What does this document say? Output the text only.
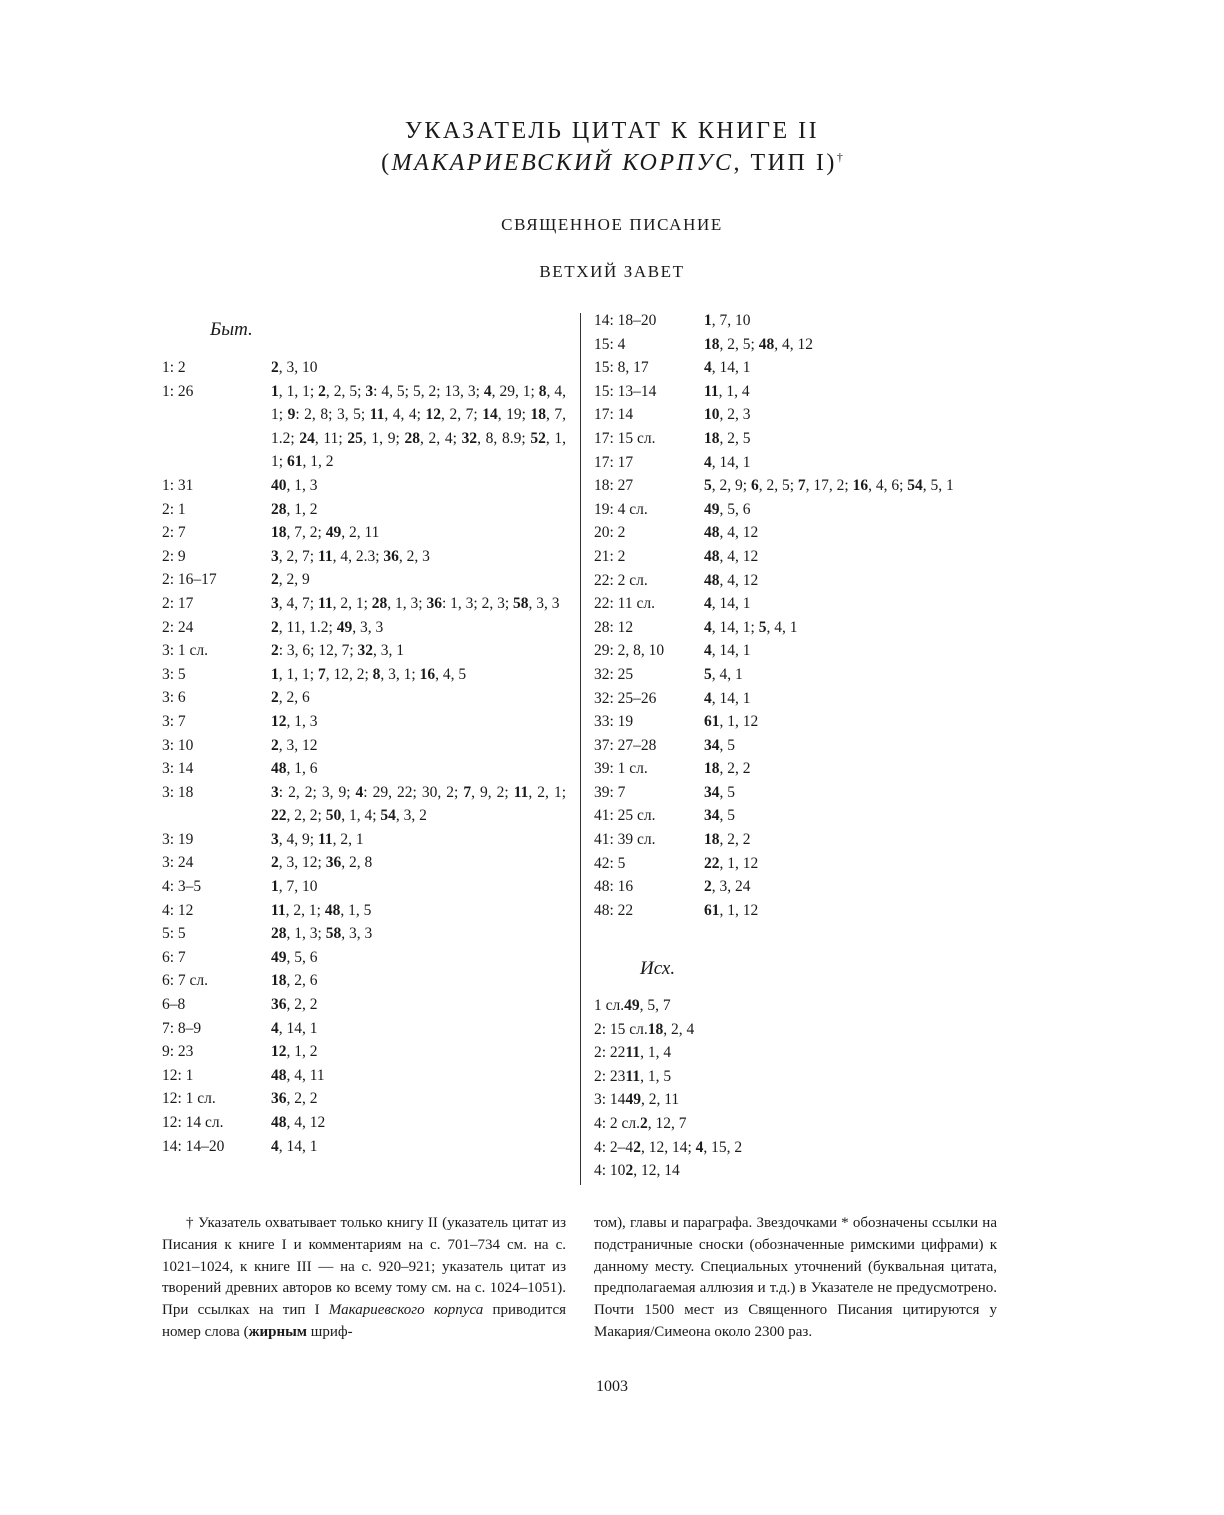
УКАЗАТЕЛЬ ЦИТАТ К КНИГЕ II
(МАКАРИЕВСКИЙ КОРПУС, ТИП I)†
СВЯЩЕННОЕ ПИСАНИЕ
ВЕТХИЙ ЗАВЕТ
Быт.
1: 2	2, 3, 10
1: 26	1, 1, 1; 2, 2, 5; 3: 4, 5; 5, 2; 13, 3; 4, 29, 1; 8, 4, 1; 9: 2, 8; 3, 5; 11, 4, 4; 12, 2, 7; 14, 19; 18, 7, 1.2; 24, 11; 25, 1, 9; 28, 2, 4; 32, 8, 8.9; 52, 1, 1; 61, 1, 2
1: 31	40, 1, 3
2: 1	28, 1, 2
2: 7	18, 7, 2; 49, 2, 11
2: 9	3, 2, 7; 11, 4, 2.3; 36, 2, 3
2: 16–17	2, 2, 9
2: 17	3, 4, 7; 11, 2, 1; 28, 1, 3; 36: 1, 3; 2, 3; 58, 3, 3
2: 24	2, 11, 1.2; 49, 3, 3
3: 1 сл.	2: 3, 6; 12, 7; 32, 3, 1
3: 5	1, 1, 1; 7, 12, 2; 8, 3, 1; 16, 4, 5
3: 6	2, 2, 6
3: 7	12, 1, 3
3: 10	2, 3, 12
3: 14	48, 1, 6
3: 18	3: 2, 2; 3, 9; 4: 29, 22; 30, 2; 7, 9, 2; 11, 2, 1; 22, 2, 2; 50, 1, 4; 54, 3, 2
3: 19	3, 4, 9; 11, 2, 1
3: 24	2, 3, 12; 36, 2, 8
4: 3–5	1, 7, 10
4: 12	11, 2, 1; 48, 1, 5
5: 5	28, 1, 3; 58, 3, 3
6: 7	49, 5, 6
6: 7 сл.	18, 2, 6
6–8	36, 2, 2
7: 8–9	4, 14, 1
9: 23	12, 1, 2
12: 1	48, 4, 11
12: 1 сл.	36, 2, 2
12: 14 сл.	48, 4, 12
14: 14–20	4, 14, 1
14: 18–20	1, 7, 10
15: 4	18, 2, 5; 48, 4, 12
15: 8, 17	4, 14, 1
15: 13–14	11, 1, 4
17: 14	10, 2, 3
17: 15 сл.	18, 2, 5
17: 17	4, 14, 1
18: 27	5, 2, 9; 6, 2, 5; 7, 17, 2; 16, 4, 6; 54, 5, 1
19: 4 сл.	49, 5, 6
20: 2	48, 4, 12
21: 2	48, 4, 12
22: 2 сл.	48, 4, 12
22: 11 сл.	4, 14, 1
28: 12	4, 14, 1; 5, 4, 1
29: 2, 8, 10	4, 14, 1
32: 25	5, 4, 1
32: 25–26	4, 14, 1
33: 19	61, 1, 12
37: 27–28	34, 5
39: 1 сл.	18, 2, 2
39: 7	34, 5
41: 25 сл.	34, 5
41: 39 сл.	18, 2, 2
42: 5	22, 1, 12
48: 16	2, 3, 24
48: 22	61, 1, 12
Исх.
1 сл. 49, 5, 7
2: 15 сл. 18, 2, 4
2: 22 11, 1, 4
2: 23 11, 1, 5
3: 14 49, 2, 11
4: 2 сл. 2, 12, 7
4: 2–4 2, 12, 14; 4, 15, 2
4: 10 2, 12, 14
† Указатель охватывает только книгу II (указатель цитат из Писания к книге I и комментариям на с. 701–734 см. на с. 1021–1024, к книге III — на с. 920–921; указатель цитат из творений древних авторов ко всему тому см. на с. 1024–1051). При ссылках на тип I Макариевского корпуса приводится номер слова (жирным шриф-
том), главы и параграфа. Звездочками * обозначены ссылки на подстраничные сноски (обозначенные римскими цифрами) к данному месту. Специальных уточнений (буквальная цитата, предполагаемая аллюзия и т.д.) в Указателе не предусмотрено. Почти 1500 мест из Священного Писания цитируются у Макария/Симеона около 2300 раз.
1003
